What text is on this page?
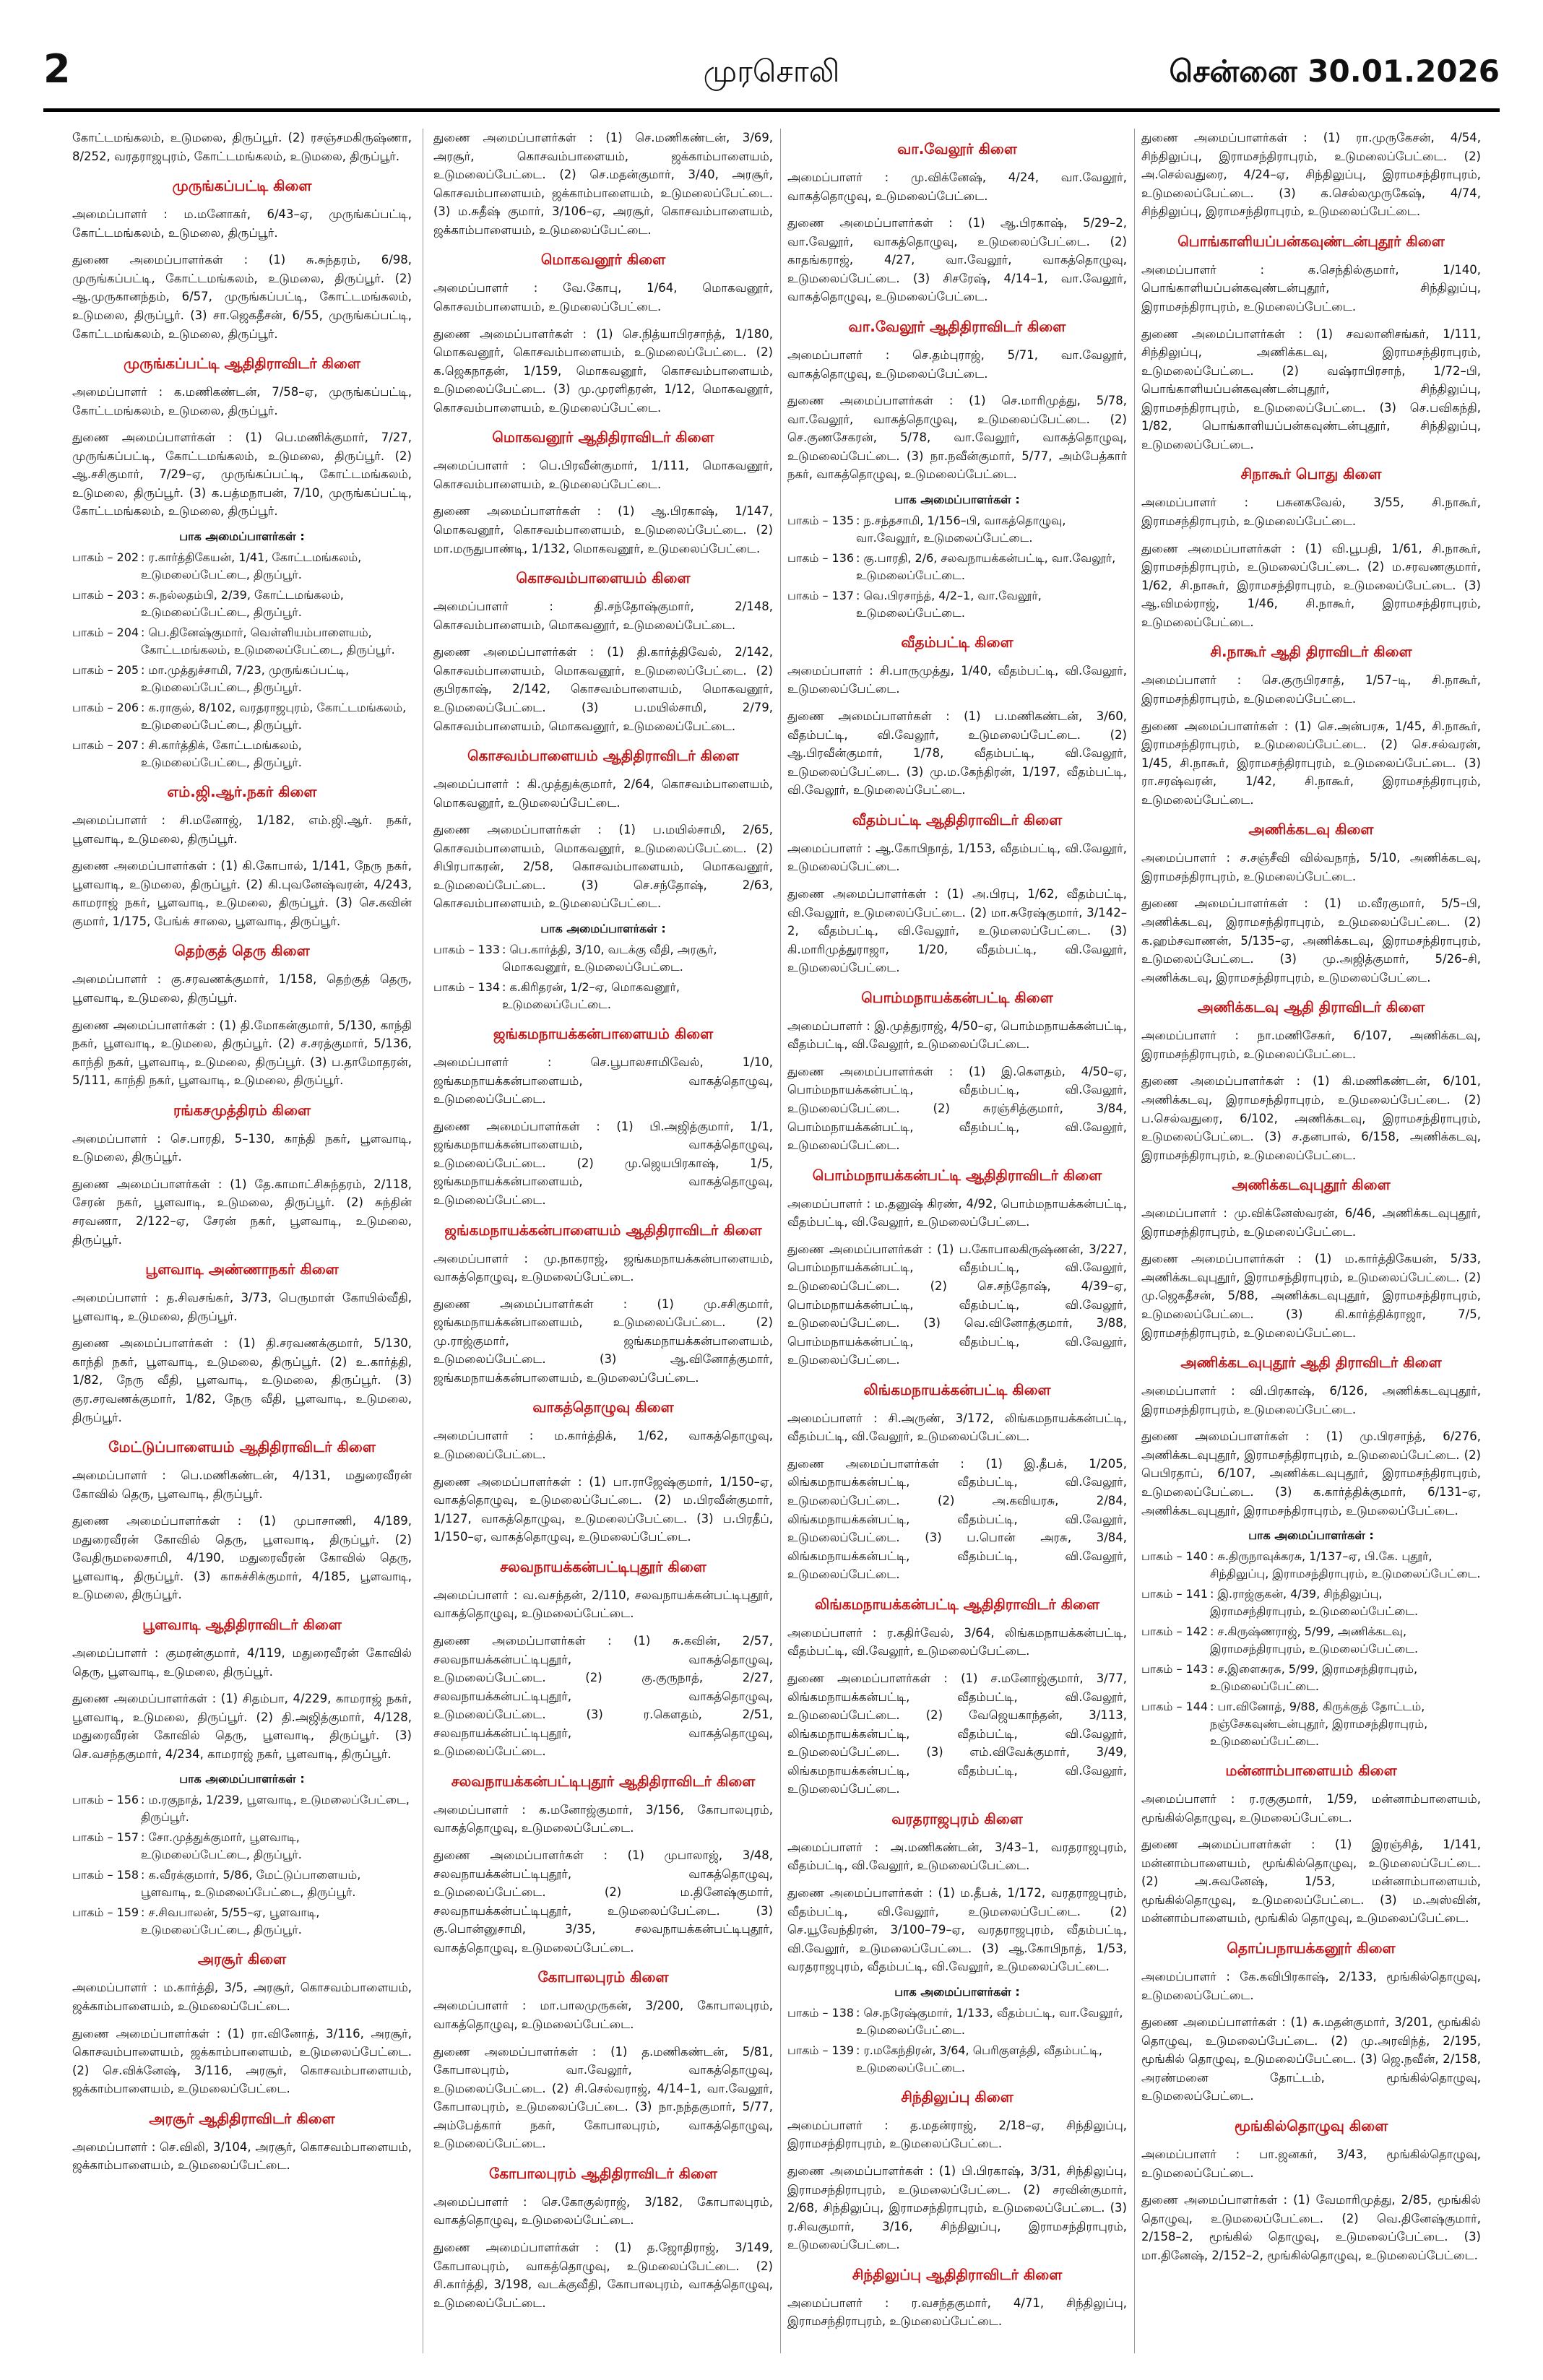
2	முரசொலி	சென்னை 30.01.2026
கோட்டமங்கலம், உடுமலை, திருப்பூர். (2) ரசஞ்சமகிருஷ்ணா, 8/252, வரதராஜபுரம், கோட்டமங்கலம், உடுமலை, திருப்பூர்.
முருங்கப்பட்டி கிளை
அமைப்பாளர் : ம.மனோகர், 6/43–ஏ, முருங்கப்பட்டி, கோட்டமங்கலம், உடுமலை, திருப்பூர்.
துணை அமைப்பாளர்கள் : (1) சு.சுந்தரம், 6/98, முருங்கப்பட்டி, கோட்டமங்கலம், உடுமலை, திருப்பூர். (2) ஆ.முருகானந்தம், 6/57, முருங்கப்பட்டி, கோட்டமங்கலம், உடுமலை, திருப்பூர். (3) சா.ஜெகதீசன், 6/55, முருங்கப்பட்டி, கோட்டமங்கலம், உடுமலை, திருப்பூர்.
முருங்கப்பட்டி ஆதிதிராவிடர் கிளை
அமைப்பாளர் : க.மணிகண்டன், 7/58–ஏ, முருங்கப்பட்டி, கோட்டமங்கலம், உடுமலை, திருப்பூர்.
துணை அமைப்பாளர்கள் : (1) பெ.மணிக்குமார், 7/27, முருங்கப்பட்டி, கோட்டமங்கலம், உடுமலை, திருப்பூர். (2) ஆ.சசிகுமார், 7/29–ஏ, முருங்கப்பட்டி, கோட்டமங்கலம், உடுமலை, திருப்பூர். (3) க.பத்மநாபன், 7/10, முருங்கப்பட்டி, கோட்டமங்கலம், உடுமலை, திருப்பூர்.
பாக அமைப்பாளர்கள் :
பாகம் – 202 : ர.கார்த்திகேயன், 1/41, கோட்டமங்கலம், உடுமலைப்பேட்டை, திருப்பூர்.
பாகம் – 203 : சு.நல்லதம்பி, 2/39, கோட்டமங்கலம், உடுமலைப்பேட்டை, திருப்பூர்.
பாகம் – 204 : பெ.தினேஷ்குமார், வெள்ளியம்பாளையம், கோட்டமங்கலம், உடுமலைப்பேட்டை, திருப்பூர்.
பாகம் – 205 : மா.முத்துச்சாமி, 7/23, முருங்கப்பட்டி, உடுமலைப்பேட்டை, திருப்பூர்.
பாகம் – 206 : க.ராகுல், 8/102, வரதராஜபுரம், கோட்டமங்கலம், உடுமலைப்பேட்டை, திருப்பூர்.
பாகம் – 207 : சி.கார்த்திக், கோட்டமங்கலம், உடுமலைப்பேட்டை, திருப்பூர்.
எம்.ஜி.ஆர்.நகர் கிளை
அமைப்பாளர் : சி.மனோஜ், 1/182, எம்.ஜி.ஆர். நகர், பூளவாடி, உடுமலை, திருப்பூர்.
துணை அமைப்பாளர்கள் : (1) கி.கோபால், 1/141, நேரு நகர், பூளவாடி, உடுமலை, திருப்பூர். (2) கி.புவனேஷ்வரன், 4/243, காமராஜ் நகர், பூளவாடி, உடுமலை, திருப்பூர். (3) செ.கவின் குமார், 1/175, பேங்க் சாலை, பூளவாடி, திருப்பூர்.
தெற்குத் தெரு கிளை
அமைப்பாளர் : கு.சரவணக்குமார், 1/158, தெற்குத் தெரு, பூளவாடி, உடுமலை, திருப்பூர்.
துணை அமைப்பாளர்கள் : (1) தி.மோகன்குமார், 5/130, காந்தி நகர், பூளவாடி, உடுமலை, திருப்பூர். (2) ச.சரத்குமார், 5/136, காந்தி நகர், பூளவாடி, உடுமலை, திருப்பூர். (3) ப.தாமோதரன், 5/111, காந்தி நகர், பூளவாடி, உடுமலை, திருப்பூர்.
ரங்கசமுத்திரம் கிளை
அமைப்பாளர் : செ.பாரதி, 5–130, காந்தி நகர், பூளவாடி, உடுமலை, திருப்பூர்.
துணை அமைப்பாளர்கள் : (1) தே.காமாட்சிசுந்தரம், 2/118, சேரன் நகர், பூளவாடி, உடுமலை, திருப்பூர். (2) சுந்தின் சரவணா, 2/122–ஏ, சேரன் நகர், பூளவாடி, உடுமலை, திருப்பூர்.
பூளவாடி அண்ணாநகர் கிளை
அமைப்பாளர் : த.சிவசங்கர், 3/73, பெருமாள் கோயில்வீதி, பூளவாடி, உடுமலை, திருப்பூர்.
துணை அமைப்பாளர்கள் : (1) தி.சரவணக்குமார், 5/130, காந்தி நகர், பூளவாடி, உடுமலை, திருப்பூர். (2) உ.கார்த்தி, 1/82, நேரு வீதி, பூளவாடி, உடுமலை, திருப்பூர். (3) குர.சரவணக்குமார், 1/82, நேரு வீதி, பூளவாடி, உடுமலை, திருப்பூர்.
மேட்டுப்பாளையம் ஆதிதிராவிடர் கிளை
அமைப்பாளர் : பெ.மணிகண்டன், 4/131, மதுரைவீரன் கோவில் தெரு, பூளவாடி, திருப்பூர்.
துணை அமைப்பாளர்கள் : (1) முபாசாணி, 4/189, மதுரைவீரன் கோவில் தெரு, பூளவாடி, திருப்பூர். (2) வேதிருமலைசாமி, 4/190, மதுரைவீரன் கோவில் தெரு, பூளவாடி, திருப்பூர். (3) காசுச்சிக்குமார், 4/185, பூளவாடி, உடுமலை, திருப்பூர்.
பூளவாடி ஆதிதிராவிடர் கிளை
அமைப்பாளர் : குமரன்குமார், 4/119, மதுரைவீரன் கோவில் தெரு, பூளவாடி, உடுமலை, திருப்பூர்.
துணை அமைப்பாளர்கள் : (1) சிதம்பா, 4/229, காமராஜ் நகர், பூளவாடி, உடுமலை, திருப்பூர். (2) தி.அஜித்குமார், 4/128, மதுரைவீரன் கோவில் தெரு, பூளவாடி, திருப்பூர். (3) செ.வசந்தகுமார், 4/234, காமராஜ் நகர், பூளவாடி, திருப்பூர்.
பாக அமைப்பாளர்கள் :
பாகம் – 156 : ம.ரகுநாத், 1/239, பூளவாடி, உடுமலைப்பேட்டை, திருப்பூர்.
பாகம் – 157 : சோ.முத்துக்குமார், பூளவாடி, உடுமலைப்பேட்டை, திருப்பூர்.
பாகம் – 158 : க.வீரக்குமார், 5/86, மேட்டுப்பாளையம், பூளவாடி, உடுமலைப்பேட்டை, திருப்பூர்.
பாகம் – 159 : ச.சிவபாலன், 5/55–ஏ, பூளவாடி, உடுமலைப்பேட்டை, திருப்பூர்.
அரசூர் கிளை
அமைப்பாளர் : ம.கார்த்தி, 3/5, அரசூர், கொசவம்பாளையம், ஜக்காம்பாளையம், உடுமலைப்பேட்டை.
துணை அமைப்பாளர்கள் : (1) ரா.வினோத், 3/116, அரசூர், கொசவம்பாளையம், ஜக்காம்பாளையம், உடுமலைப்பேட்டை. (2) செ.விக்னேஷ், 3/116, அரசூர், கொசவம்பாளையம், ஜக்காம்பாளையம், உடுமலைப்பேட்டை.
அரசூர் ஆதிதிராவிடர் கிளை
அமைப்பாளர் : செ.விலி, 3/104, அரசூர், கொசவம்பாளையம், ஜக்காம்பாளையம், உடுமலைப்பேட்டை.
துணை அமைப்பாளர்கள் : (1) செ.மணிகண்டன், 3/69, அரசூர், கொசவம்பாளையம், ஜக்காம்பாளையம், உடுமலைப்பேட்டை. (2) செ.மதன்குமார், 3/40, அரசூர், கொசவம்பாளையம், ஜக்காம்பாளையம், உடுமலைப்பேட்டை. (3) ம.சுதீஷ் குமார், 3/106–ஏ, அரசூர், கொசவம்பாளையம், ஜக்காம்பாளையம், உடுமலைப்பேட்டை.
மொகவனூர் கிளை
அமைப்பாளர் : வே.கோபு, 1/64, மொகவனூர், கொசவம்பாளையம், உடுமலைப்பேட்டை.
துணை அமைப்பாளர்கள் : (1) செ.நித்யாபிரசாந்த், 1/180, மொகவனூர், கொசவம்பாளையம், உடுமலைப்பேட்டை. (2) க.ஜெகநாதன், 1/159, மொகவனூர், கொசவம்பாளையம், உடுமலைப்பேட்டை. (3) மு.முரளிதரன், 1/12, மொகவனூர், கொசவம்பாளையம், உடுமலைப்பேட்டை.
மொகவனூர் ஆதிதிராவிடர் கிளை
அமைப்பாளர் : பெ.பிரவீன்குமார், 1/111, மொகவனூர், கொசவம்பாளையம், உடுமலைப்பேட்டை.
துணை அமைப்பாளர்கள் : (1) ஆ.பிரகாஷ், 1/147, மொகவனூர், கொசவம்பாளையம், உடுமலைப்பேட்டை. (2) மா.மருதுபாண்டி, 1/132, மொகவனூர், உடுமலைப்பேட்டை.
கொசவம்பாளையம் கிளை
அமைப்பாளர் : தி.சந்தோஷ்குமார், 2/148, கொசவம்பாளையம், மொகவனூர், உடுமலைப்பேட்டை.
துணை அமைப்பாளர்கள் : (1) தி.கார்த்திவேல், 2/142, கொசவம்பாளையம், மொகவனூர், உடுமலைப்பேட்டை. (2) குபிரகாஷ், 2/142, கொசவம்பாளையம், மொகவனூர், உடுமலைப்பேட்டை. (3) ப.மயில்சாமி, 2/79, கொசவம்பாளையம், மொகவனூர், உடுமலைப்பேட்டை.
கொசவம்பாளையம் ஆதிதிராவிடர் கிளை
அமைப்பாளர் : கி.முத்துக்குமார், 2/64, கொசவம்பாளையம், மொகவனூர், உடுமலைப்பேட்டை.
துணை அமைப்பாளர்கள் : (1) ப.மயில்சாமி, 2/65, கொசவம்பாளையம், மொகவனூர், உடுமலைப்பேட்டை. (2) சிபிரபாகரன், 2/58, கொசவம்பாளையம், மொகவனூர், உடுமலைப்பேட்டை. (3) செ.சந்தோஷ், 2/63, கொசவம்பாளையம், உடுமலைப்பேட்டை.
பாக அமைப்பாளர்கள் :
பாகம் – 133 : பெ.கார்த்தி, 3/10, வடக்கு வீதி, அரசூர், மொகவனூர், உடுமலைப்பேட்டை.
பாகம் – 134 : க.கிரிதரன், 1/2–ஏ, மொகவனூர், உடுமலைப்பேட்டை.
ஜங்கமநாயக்கன்பாளையம் கிளை
அமைப்பாளர் : செ.பூபாலசாமிவேல், 1/10, ஜங்கமநாயக்கன்பாளையம், வாகத்தொழுவு, உடுமலைப்பேட்டை.
துணை அமைப்பாளர்கள் : (1) பி.அஜித்குமார், 1/1, ஜங்கமநாயக்கன்பாளையம், வாகத்தொழுவு, உடுமலைப்பேட்டை. (2) மு.ஜெயபிரகாஷ், 1/5, ஜங்கமநாயக்கன்பாளையம், வாகத்தொழுவு, உடுமலைப்பேட்டை.
ஜங்கமநாயக்கன்பாளையம் ஆதிதிராவிடர் கிளை
அமைப்பாளர் : மு.நாகராஜ், ஜங்கமநாயக்கன்பாளையம், வாகத்தொழுவு, உடுமலைப்பேட்டை.
துணை அமைப்பாளர்கள் : (1) மு.சசிகுமார், ஜங்கமநாயக்கன்பாளையம், உடுமலைப்பேட்டை. (2) மு.ராஜ்குமார், ஜங்கமநாயக்கன்பாளையம், உடுமலைப்பேட்டை. (3) ஆ.வினோத்குமார், ஜங்கமநாயக்கன்பாளையம், உடுமலைப்பேட்டை.
வாகத்தொழுவு கிளை
அமைப்பாளர் : ம.கார்த்திக், 1/62, வாகத்தொழுவு, உடுமலைப்பேட்டை.
துணை அமைப்பாளர்கள் : (1) பா.ராஜேஷ்குமார், 1/150–ஏ, வாகத்தொழுவு, உடுமலைப்பேட்டை. (2) ம.பிரவீன்குமார், 1/127, வாகத்தொழுவு, உடுமலைப்பேட்டை. (3) ப.பிரதீப், 1/150–ஏ, வாகத்தொழுவு, உடுமலைப்பேட்டை.
சலவநாயக்கன்பட்டிபுதூர் கிளை
அமைப்பாளர் : வ.வசந்தன், 2/110, சலவநாயக்கன்பட்டிபுதூர், வாகத்தொழுவு, உடுமலைப்பேட்டை.
துணை அமைப்பாளர்கள் : (1) சு.கவின், 2/57, சலவநாயக்கன்பட்டிபுதூர், வாகத்தொழுவு, உடுமலைப்பேட்டை. (2) கு.குருநாத், 2/27, சலவநாயக்கன்பட்டிபுதூர், வாகத்தொழுவு, உடுமலைப்பேட்டை. (3) ர.கௌதம், 2/51, சலவநாயக்கன்பட்டிபுதூர், வாகத்தொழுவு, உடுமலைப்பேட்டை.
சலவநாயக்கன்பட்டிபுதூர் ஆதிதிராவிடர் கிளை
அமைப்பாளர் : க.மனோஜ்குமார், 3/156, கோபாலபுரம், வாகத்தொழுவு, உடுமலைப்பேட்டை.
துணை அமைப்பாளர்கள் : (1) முபாலாஜ், 3/48, சலவநாயக்கன்பட்டிபுதூர், வாகத்தொழுவு, உடுமலைப்பேட்டை. (2) ம.தினேஷ்குமார், சலவநாயக்கன்பட்டிபுதூர், உடுமலைப்பேட்டை. (3) கு.பொன்னுசாமி, 3/35, சலவநாயக்கன்பட்டிபுதூர், வாகத்தொழுவு, உடுமலைப்பேட்டை.
கோபாலபுரம் கிளை
அமைப்பாளர் : மா.பாலமுருகன், 3/200, கோபாலபுரம், வாகத்தொழுவு, உடுமலைப்பேட்டை.
துணை அமைப்பாளர்கள் : (1) த.மணிகண்டன், 5/81, கோபாலபுரம், வா.வேலூர், வாகத்தொழுவு, உடுமலைப்பேட்டை. (2) சி.செல்வராஜ், 4/14–1, வா.வேலூர், கோபாலபுரம், உடுமலைப்பேட்டை. (3) நா.நந்தகுமார், 5/77, அம்பேத்கார் நகர், கோபாலபுரம், வாகத்தொழுவு, உடுமலைப்பேட்டை.
கோபாலபுரம் ஆதிதிராவிடர் கிளை
அமைப்பாளர் : செ.கோகுல்ராஜ், 3/182, கோபாலபுரம், வாகத்தொழுவு, உடுமலைப்பேட்டை.
துணை அமைப்பாளர்கள் : (1) த.ஜோதிராஜ், 3/149, கோபாலபுரம், வாகத்தொழுவு, உடுமலைப்பேட்டை. (2) சி.கார்த்தி, 3/198, வடக்குவீதி, கோபாலபுரம், வாகத்தொழுவு, உடுமலைப்பேட்டை.
வா.வேலூர் கிளை
அமைப்பாளர் : மு.விக்னேஷ், 4/24, வா.வேலூர், வாகத்தொழுவு, உடுமலைப்பேட்டை.
துணை அமைப்பாளர்கள் : (1) ஆ.பிரகாஷ், 5/29–2, வா.வேலூர், வாகத்தொழுவு, உடுமலைப்பேட்டை. (2) காதங்கராஜ், 4/27, வா.வேலூர், வாகத்தொழுவு, உடுமலைப்பேட்டை. (3) சிசரேஷ், 4/14–1, வா.வேலூர், வாகத்தொழுவு, உடுமலைப்பேட்டை.
வா.வேலூர் ஆதிதிராவிடர் கிளை
அமைப்பாளர் : செ.தம்புராஜ், 5/71, வா.வேலூர், வாகத்தொழுவு, உடுமலைப்பேட்டை.
துணை அமைப்பாளர்கள் : (1) செ.மாரிமுத்து, 5/78, வா.வேலூர், வாகத்தொழுவு, உடுமலைப்பேட்டை. (2) செ.குணசேகரன், 5/78, வா.வேலூர், வாகத்தொழுவு, உடுமலைப்பேட்டை. (3) நா.நவீன்குமார், 5/77, அம்பேத்கார் நகர், வாகத்தொழுவு, உடுமலைப்பேட்டை.
பாக அமைப்பாளர்கள் :
பாகம் – 135 : ந.சந்தசாமி, 1/156–பி, வாகத்தொழுவு, வா.வேலூர், உடுமலைப்பேட்டை.
பாகம் – 136 : கு.பாரதி, 2/6, சலவநாயக்கன்பட்டி, வா.வேலூர், உடுமலைப்பேட்டை.
பாகம் – 137 : வெ.பிரசாந்த், 4/2–1, வா.வேலூர், உடுமலைப்பேட்டை.
வீதம்பட்டி கிளை
அமைப்பாளர் : சி.பாருமுத்து, 1/40, வீதம்பட்டி, வி.வேலூர், உடுமலைப்பேட்டை.
துணை அமைப்பாளர்கள் : (1) ப.மணிகண்டன், 3/60, வீதம்பட்டி, வி.வேலூர், உடுமலைப்பேட்டை. (2) ஆ.பிரவீன்குமார், 1/78, வீதம்பட்டி, வி.வேலூர், உடுமலைப்பேட்டை. (3) மு.ம.கேந்திரன், 1/197, வீதம்பட்டி, வி.வேலூர், உடுமலைப்பேட்டை.
வீதம்பட்டி ஆதிதிராவிடர் கிளை
அமைப்பாளர் : ஆ.கோபிநாத், 1/153, வீதம்பட்டி, வி.வேலூர், உடுமலைப்பேட்டை.
துணை அமைப்பாளர்கள் : (1) அ.பிரபு, 1/62, வீதம்பட்டி, வி.வேலூர், உடுமலைப்பேட்டை. (2) மா.சுரேஷ்குமார், 3/142–2, வீதம்பட்டி, வி.வேலூர், உடுமலைப்பேட்டை. (3) கி.மாரிமுத்துராஜா, 1/20, வீதம்பட்டி, வி.வேலூர், உடுமலைப்பேட்டை.
பொம்மநாயக்கன்பட்டி கிளை
அமைப்பாளர் : இ.முத்துராஜ், 4/50–ஏ, பொம்மநாயக்கன்பட்டி, வீதம்பட்டி, வி.வேலூர், உடுமலைப்பேட்டை.
துணை அமைப்பாளர்கள் : (1) இ.கௌதம், 4/50–ஏ, பொம்மநாயக்கன்பட்டி, வீதம்பட்டி, வி.வேலூர், உடுமலைப்பேட்டை. (2) சுரஞ்சித்குமார், 3/84, பொம்மநாயக்கன்பட்டி, வீதம்பட்டி, வி.வேலூர், உடுமலைப்பேட்டை.
பொம்மநாயக்கன்பட்டி ஆதிதிராவிடர் கிளை
அமைப்பாளர் : ம.தனுஷ் கிரண், 4/92, பொம்மநாயக்கன்பட்டி, வீதம்பட்டி, வி.வேலூர், உடுமலைப்பேட்டை.
துணை அமைப்பாளர்கள் : (1) ப.கோபாலகிருஷ்ணன், 3/227, பொம்மநாயக்கன்பட்டி, வீதம்பட்டி, வி.வேலூர், உடுமலைப்பேட்டை. (2) செ.சந்தோஷ், 4/39–ஏ, பொம்மநாயக்கன்பட்டி, வீதம்பட்டி, வி.வேலூர், உடுமலைப்பேட்டை. (3) வெ.வினோத்குமார், 3/88, பொம்மநாயக்கன்பட்டி, வீதம்பட்டி, வி.வேலூர், உடுமலைப்பேட்டை.
லிங்கமநாயக்கன்பட்டி கிளை
அமைப்பாளர் : சி.அருண், 3/172, லிங்கமநாயக்கன்பட்டி, வீதம்பட்டி, வி.வேலூர், உடுமலைப்பேட்டை.
துணை அமைப்பாளர்கள் : (1) இ.தீபக், 1/205, லிங்கமநாயக்கன்பட்டி, வீதம்பட்டி, வி.வேலூர், உடுமலைப்பேட்டை. (2) அ.கவியரசு, 2/84, லிங்கமநாயக்கன்பட்டி, வீதம்பட்டி, வி.வேலூர், உடுமலைப்பேட்டை. (3) ப.பொன் அரசு, 3/84, லிங்கமநாயக்கன்பட்டி, வீதம்பட்டி, வி.வேலூர், உடுமலைப்பேட்டை.
லிங்கமநாயக்கன்பட்டி ஆதிதிராவிடர் கிளை
அமைப்பாளர் : ர.கதிர்வேல், 3/64, லிங்கமநாயக்கன்பட்டி, வீதம்பட்டி, வி.வேலூர், உடுமலைப்பேட்டை.
துணை அமைப்பாளர்கள் : (1) ச.மனோஜ்குமார், 3/77, லிங்கமநாயக்கன்பட்டி, வீதம்பட்டி, வி.வேலூர், உடுமலைப்பேட்டை. (2) வேஜெயகாந்தன், 3/113, லிங்கமநாயக்கன்பட்டி, வீதம்பட்டி, வி.வேலூர், உடுமலைப்பேட்டை. (3) எம்.விவேக்குமார், 3/49, லிங்கமநாயக்கன்பட்டி, வீதம்பட்டி, வி.வேலூர், உடுமலைப்பேட்டை.
வரதராஜபுரம் கிளை
அமைப்பாளர் : அ.மணிகண்டன், 3/43–1, வரதராஜபுரம், வீதம்பட்டி, வி.வேலூர், உடுமலைப்பேட்டை.
துணை அமைப்பாளர்கள் : (1) ம.தீபக், 1/172, வரதராஜபுரம், வீதம்பட்டி, வி.வேலூர், உடுமலைப்பேட்டை. (2) செ.யூவேந்திரன், 3/100–79–ஏ, வரதராஜபுரம், வீதம்பட்டி, வி.வேலூர், உடுமலைப்பேட்டை. (3) ஆ.கோபிநாத், 1/53, வரதராஜபுரம், வீதம்பட்டி, வி.வேலூர், உடுமலைப்பேட்டை.
பாக அமைப்பாளர்கள் :
பாகம் – 138 : செ.நரேஷ்குமார், 1/133, வீதம்பட்டி, வா.வேலூர், உடுமலைப்பேட்டை.
பாகம் – 139 : ர.மகேந்திரன், 3/64, பெரிகுளத்தி, வீதம்பட்டி, உடுமலைப்பேட்டை.
சிந்திலுப்பு கிளை
அமைப்பாளர் : த.மதன்ராஜ், 2/18–ஏ, சிந்திலுப்பு, இராமசந்திராபுரம், உடுமலைப்பேட்டை.
துணை அமைப்பாளர்கள் : (1) பி.பிரகாஷ், 3/31, சிந்திலுப்பு, இராமசந்திராபுரம், உடுமலைப்பேட்டை. (2) சரவின்குமார், 2/68, சிந்திலுப்பு, இராமசந்திராபுரம், உடுமலைப்பேட்டை. (3) ர.சிவகுமார், 3/16, சிந்திலுப்பு, இராமசந்திராபுரம், உடுமலைப்பேட்டை.
சிந்திலுப்பு ஆதிதிராவிடர் கிளை
அமைப்பாளர் : ர.வசந்தகுமார், 4/71, சிந்திலுப்பு, இராமசந்திராபுரம், உடுமலைப்பேட்டை.
துணை அமைப்பாளர்கள் : (1) ரா.முருகேசன், 4/54, சிந்திலுப்பு, இராமசந்திராபுரம், உடுமலைப்பேட்டை. (2) அ.செல்வதுரை, 4/24–ஏ, சிந்திலுப்பு, இராமசந்திராபுரம், உடுமலைப்பேட்டை. (3) க.செல்லமுருகேஷ், 4/74, சிந்திலுப்பு, இராமசந்திராபுரம், உடுமலைப்பேட்டை.
பொங்காளியப்பன்கவுண்டன்புதூர் கிளை
அமைப்பாளர் : க.செந்தில்குமார், 1/140, பொங்காளியப்பன்கவுண்டன்புதூர், சிந்திலுப்பு, இராமசந்திராபுரம், உடுமலைப்பேட்டை.
துணை அமைப்பாளர்கள் : (1) சவலானிசங்கர், 1/111, சிந்திலுப்பு, அணிக்கடவு, இராமசந்திராபுரம், உடுமலைப்பேட்டை. (2) வஷ்ராபிரசாந், 1/72–பி, பொங்காளியப்பன்கவுண்டன்புதூர், சிந்திலுப்பு, இராமசந்திராபுரம், உடுமலைப்பேட்டை. (3) செ.பவிகந்தி, 1/82, பொங்காளியப்பன்கவுண்டன்புதூர், சிந்திலுப்பு, உடுமலைப்பேட்டை.
சிநாகூர் பொது கிளை
அமைப்பாளர் : பசுனகவேல், 3/55, சி.நாகூர், இராமசந்திராபுரம், உடுமலைப்பேட்டை.
துணை அமைப்பாளர்கள் : (1) வி.பூபதி, 1/61, சி.நாகூர், இராமசந்திராபுரம், உடுமலைப்பேட்டை. (2) ம.சரவணகுமார், 1/62, சி.நாகூர், இராமசந்திராபுரம், உடுமலைப்பேட்டை. (3) ஆ.விமல்ராஜ், 1/46, சி.நாகூர், இராமசந்திராபுரம், உடுமலைப்பேட்டை.
சி.நாகூர் ஆதி திராவிடர் கிளை
அமைப்பாளர் : செ.குருபிரசாத், 1/57–டி, சி.நாகூர், இராமசந்திராபுரம், உடுமலைப்பேட்டை.
துணை அமைப்பாளர்கள் : (1) செ.அன்பரசு, 1/45, சி.நாகூர், இராமசந்திராபுரம், உடுமலைப்பேட்டை. (2) செ.சல்வரன், 1/45, சி.நாகூர், இராமசந்திராபுரம், உடுமலைப்பேட்டை. (3) ரா.சரஷ்வரன், 1/42, சி.நாகூர், இராமசந்திராபுரம், உடுமலைப்பேட்டை.
அணிக்கடவு கிளை
அமைப்பாளர் : ச.சஞ்சீவி வில்வநாந், 5/10, அணிக்கடவு, இராமசந்திராபுரம், உடுமலைப்பேட்டை.
துணை அமைப்பாளர்கள் : (1) ம.வீரகுமார், 5/5–பி, அணிக்கடவு, இராமசந்திராபுரம், உடுமலைப்பேட்டை. (2) க.ஹம்சவாணன், 5/135–ஏ, அணிக்கடவு, இராமசந்திராபுரம், உடுமலைப்பேட்டை. (3) மு.அஜித்குமார், 5/26–சி, அணிக்கடவு, இராமசந்திராபுரம், உடுமலைப்பேட்டை.
அணிக்கடவு ஆதி திராவிடர் கிளை
அமைப்பாளர் : நா.மணிசேகர், 6/107, அணிக்கடவு, இராமசந்திராபுரம், உடுமலைப்பேட்டை.
துணை அமைப்பாளர்கள் : (1) கி.மணிகண்டன், 6/101, அணிக்கடவு, இராமசந்திராபுரம், உடுமலைப்பேட்டை. (2) ப.செல்வதுரை, 6/102, அணிக்கடவு, இராமசந்திராபுரம், உடுமலைப்பேட்டை. (3) ச.தனபால், 6/158, அணிக்கடவு, இராமசந்திராபுரம், உடுமலைப்பேட்டை.
அணிக்கடவுபுதூர் கிளை
அமைப்பாளர் : மு.விக்னேஸ்வரன், 6/46, அணிக்கடவுபுதூர், இராமசந்திராபுரம், உடுமலைப்பேட்டை.
துணை அமைப்பாளர்கள் : (1) ம.கார்த்திகேயன், 5/33, அணிக்கடவுபுதூர், இராமசந்திராபுரம், உடுமலைப்பேட்டை. (2) மு.ஜெகதீசன், 5/88, அணிக்கடவுபுதூர், இராமசந்திராபுரம், உடுமலைப்பேட்டை. (3) கி.கார்த்திக்ராஜா, 7/5, இராமசந்திராபுரம், உடுமலைப்பேட்டை.
அணிக்கடவுபுதூர் ஆதி திராவிடர் கிளை
அமைப்பாளர் : வி.பிரகாஷ், 6/126, அணிக்கடவுபுதூர், இராமசந்திராபுரம், உடுமலைப்பேட்டை.
துணை அமைப்பாளர்கள் : (1) மு.பிரசாந்த், 6/276, அணிக்கடவுபுதூர், இராமசந்திராபுரம், உடுமலைப்பேட்டை. (2) பெபிரதாப், 6/107, அணிக்கடவுபுதூர், இராமசந்திராபுரம், உடுமலைப்பேட்டை. (3) க.கார்த்திக்குமார், 6/131–ஏ, அணிக்கடவுபுதூர், இராமசந்திராபுரம், உடுமலைப்பேட்டை.
பாக அமைப்பாளர்கள் :
பாகம் – 140 : சு.திருநாவுக்கரசு, 1/137–ஏ, பி.கே. புதூர், சிந்திலுப்பு, இராமசந்திராபுரம், உடுமலைப்பேட்டை.
பாகம் – 141 : இ.ராஜ்குகன், 4/39, சிந்திலுப்பு, இராமசந்திராபுரம், உடுமலைப்பேட்டை.
பாகம் – 142 : ச.கிருஷ்ணராஜ், 5/99, அணிக்கடவு, இராமசந்திராபுரம், உடுமலைப்பேட்டை.
பாகம் – 143 : ச.இளைசுரசு, 5/99, இராமசந்திராபுரம், உடுமலைப்பேட்டை.
பாகம் – 144 : பா.வினோத், 9/88, கிருக்குத் தோட்டம், நஞ்சேகவுண்டன்புதூர், இராமசந்திராபுரம், உடுமலைப்பேட்டை.
மன்னாம்பாளையம் கிளை
அமைப்பாளர் : ர.ரகுகுமார், 1/59, மன்னாம்பாளையம், மூங்கில்தொழுவு, உடுமலைப்பேட்டை.
துணை அமைப்பாளர்கள் : (1) இரஞ்சித், 1/141, மன்னாம்பாளையம், மூங்கில்தொழுவு, உடுமலைப்பேட்டை. (2) அ.சுவனேஷ், 1/53, மன்னாம்பாளையம், மூங்கில்தொழுவு, உடுமலைப்பேட்டை. (3) ம.அஸ்வின், மன்னாம்பாளையம், மூங்கில் தொழுவு, உடுமலைப்பேட்டை.
தொப்பநாயக்கனூர் கிளை
அமைப்பாளர் : கே.கவிபிரகாஷ், 2/133, மூங்கில்தொழுவு, உடுமலைப்பேட்டை.
துணை அமைப்பாளர்கள் : (1) சு.மதன்குமார், 3/201, மூங்கில் தொழுவு, உடுமலைப்பேட்டை. (2) மு.அரவிந்த், 2/195, மூங்கில் தொழுவு, உடுமலைப்பேட்டை. (3) ஜெ.நவீன், 2/158, அரண்மனை தோட்டம், மூங்கில்தொழுவு, உடுமலைப்பேட்டை.
மூங்கில்தொழுவு கிளை
அமைப்பாளர் : பா.ஜனகர், 3/43, மூங்கில்தொழுவு, உடுமலைப்பேட்டை.
துணை அமைப்பாளர்கள் : (1) வேமாரிமுத்து, 2/85, மூங்கில் தொழுவு, உடுமலைப்பேட்டை. (2) வெ.தினேஷ்குமார், 2/158–2, மூங்கில் தொழுவு, உடுமலைப்பேட்டை. (3) மா.தினேஷ், 2/152–2, மூங்கில்தொழுவு, உடுமலைப்பேட்டை.
